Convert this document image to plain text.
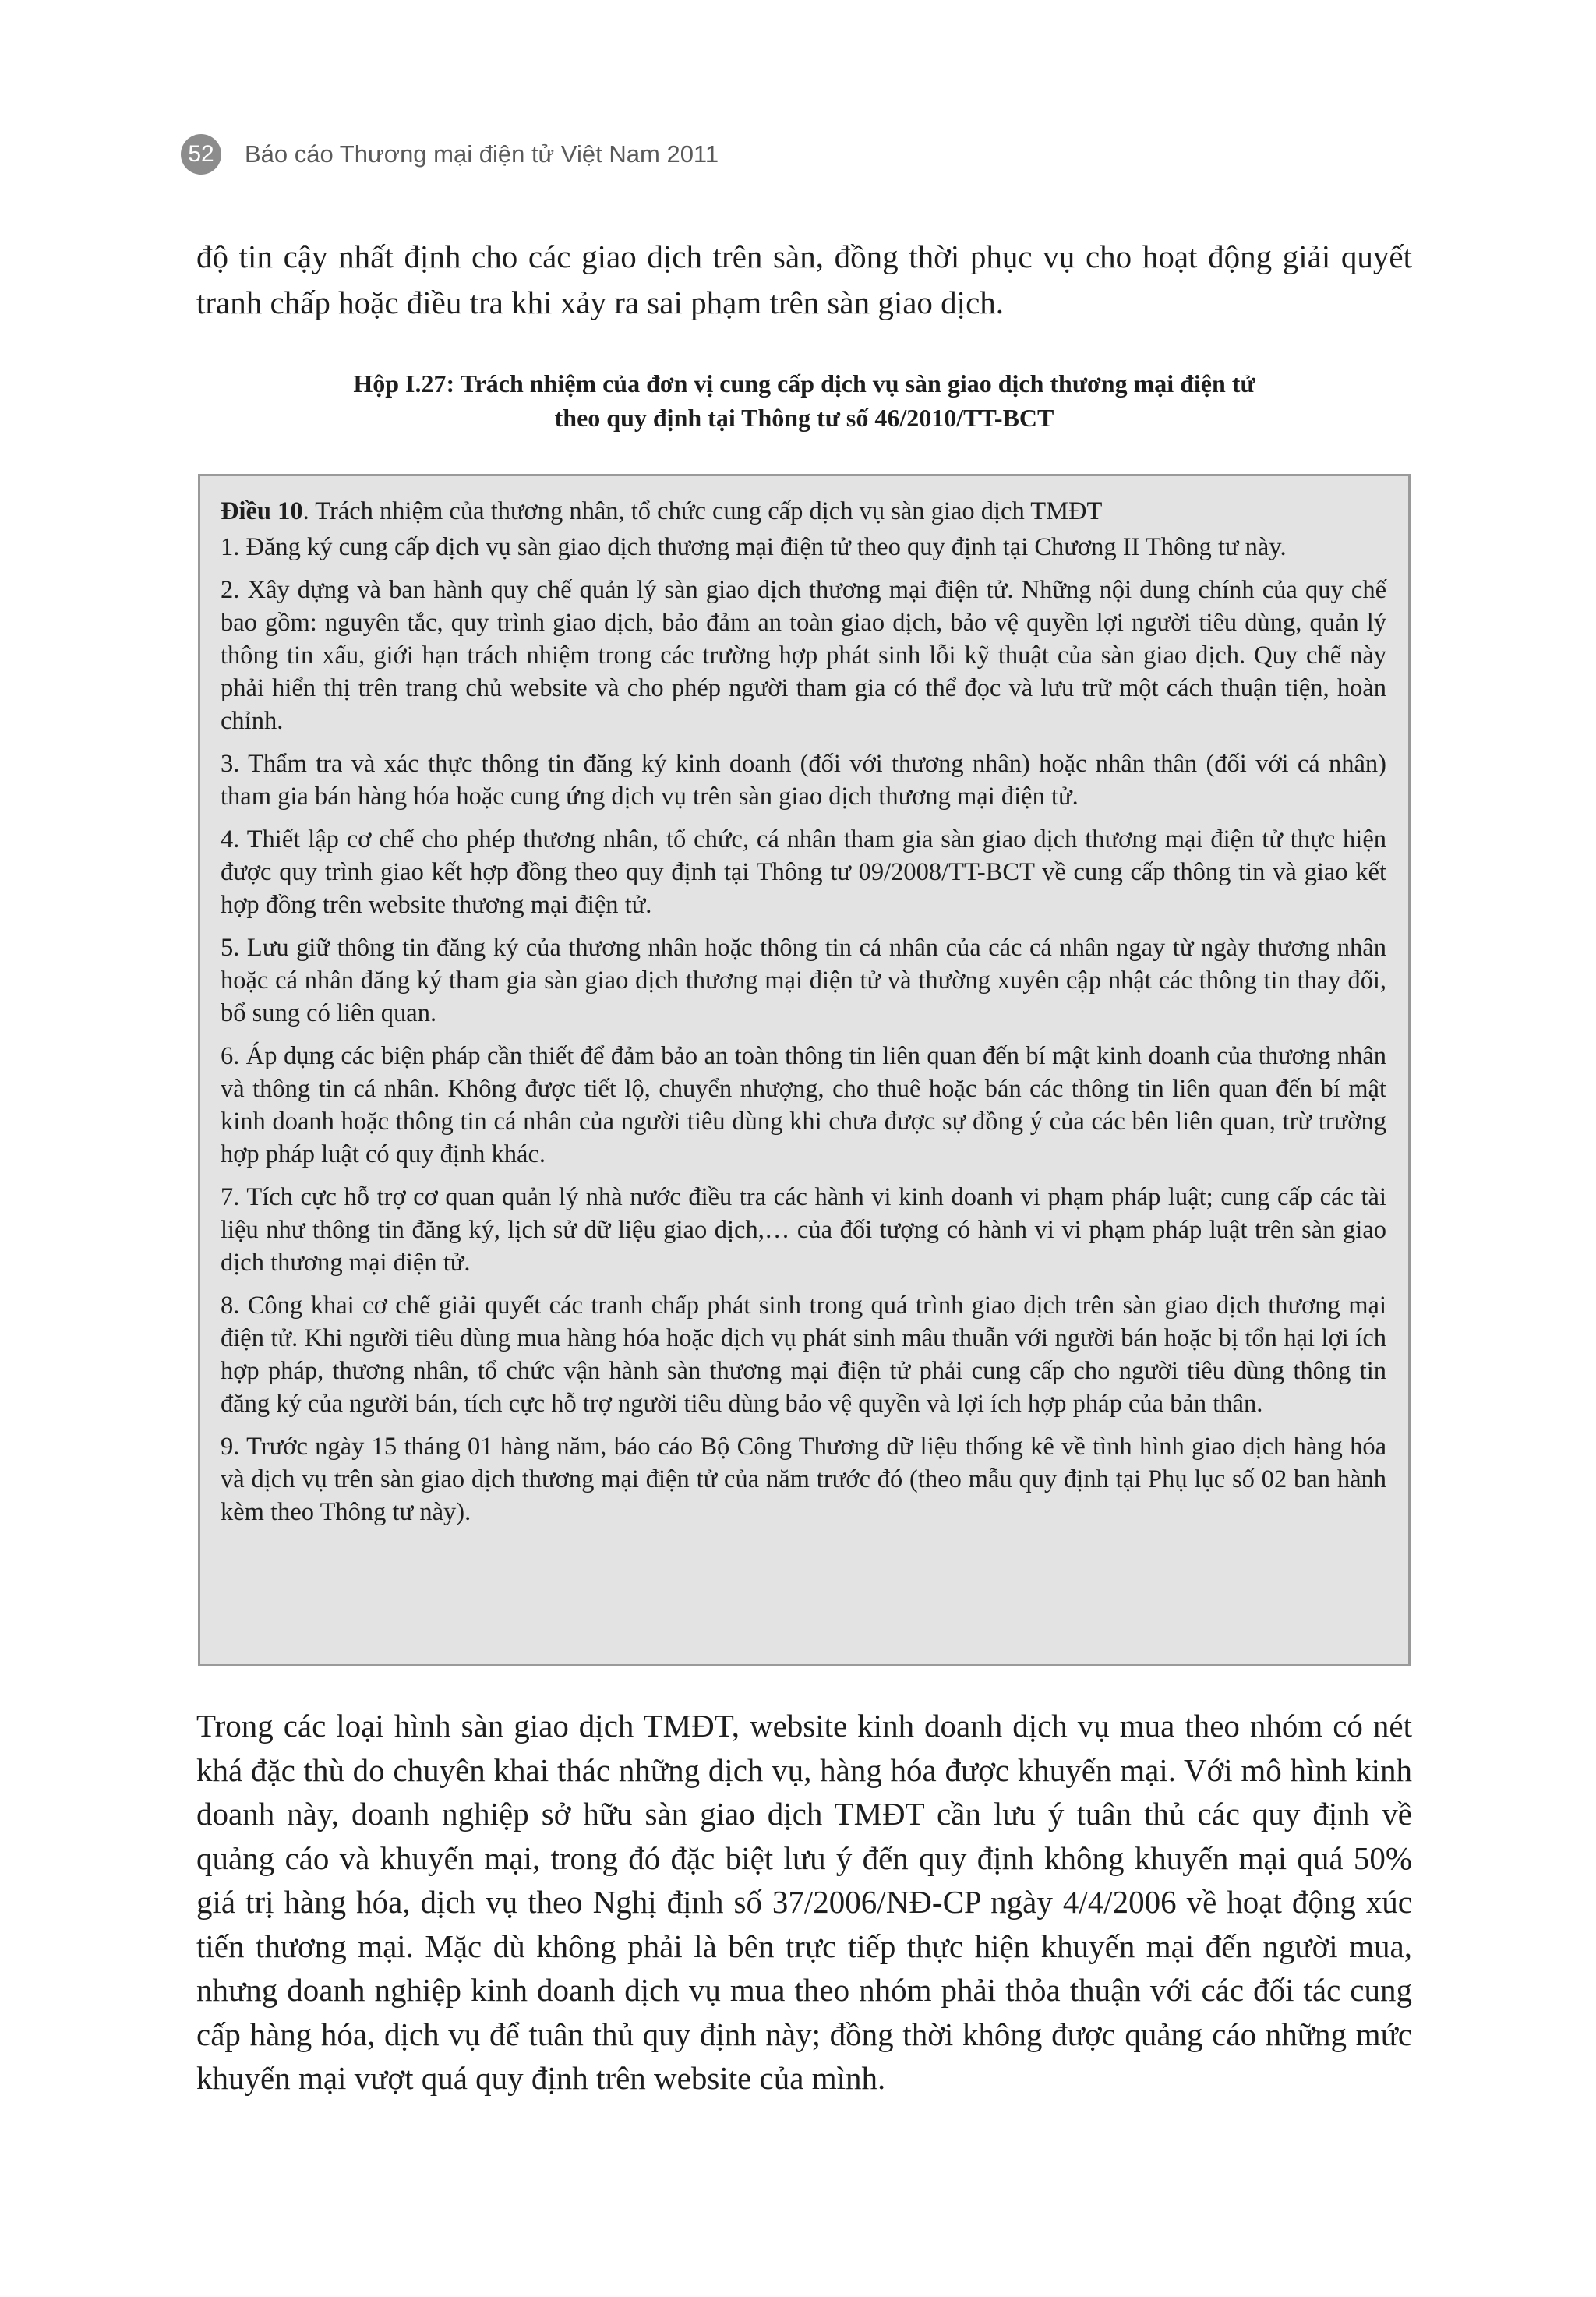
52	Báo cáo Thương mại điện tử Việt Nam 2011

độ tin cậy nhất định cho các giao dịch trên sàn, đồng thời phục vụ cho hoạt động giải quyết tranh chấp hoặc điều tra khi xảy ra sai phạm trên sàn giao dịch.

Hộp I.27: Trách nhiệm của đơn vị cung cấp dịch vụ sàn giao dịch thương mại điện tử
theo quy định tại Thông tư số 46/2010/TT-BCT

Điều 10. Trách nhiệm của thương nhân, tổ chức cung cấp dịch vụ sàn giao dịch TMĐT

1. Đăng ký cung cấp dịch vụ sàn giao dịch thương mại điện tử theo quy định tại Chương II Thông tư này.

2. Xây dựng và ban hành quy chế quản lý sàn giao dịch thương mại điện tử. Những nội dung chính của quy chế bao gồm: nguyên tắc, quy trình giao dịch, bảo đảm an toàn giao dịch, bảo vệ quyền lợi người tiêu dùng, quản lý thông tin xấu, giới hạn trách nhiệm trong các trường hợp phát sinh lỗi kỹ thuật của sàn giao dịch. Quy chế này phải hiển thị trên trang chủ website và cho phép người tham gia có thể đọc và lưu trữ một cách thuận tiện, hoàn chỉnh.

3. Thẩm tra và xác thực thông tin đăng ký kinh doanh (đối với thương nhân) hoặc nhân thân (đối với cá nhân) tham gia bán hàng hóa hoặc cung ứng dịch vụ trên sàn giao dịch thương mại điện tử.

4. Thiết lập cơ chế cho phép thương nhân, tổ chức, cá nhân tham gia sàn giao dịch thương mại điện tử thực hiện được quy trình giao kết hợp đồng theo quy định tại Thông tư 09/2008/TT-BCT về cung cấp thông tin và giao kết hợp đồng trên website thương mại điện tử.

5. Lưu giữ thông tin đăng ký của thương nhân hoặc thông tin cá nhân của các cá nhân ngay từ ngày thương nhân hoặc cá nhân đăng ký tham gia sàn giao dịch thương mại điện tử và thường xuyên cập nhật các thông tin thay đổi, bổ sung có liên quan.

6. Áp dụng các biện pháp cần thiết để đảm bảo an toàn thông tin liên quan đến bí mật kinh doanh của thương nhân và thông tin cá nhân. Không được tiết lộ, chuyển nhượng, cho thuê hoặc bán các thông tin liên quan đến bí mật kinh doanh hoặc thông tin cá nhân của người tiêu dùng khi chưa được sự đồng ý của các bên liên quan, trừ trường hợp pháp luật có quy định khác.

7. Tích cực hỗ trợ cơ quan quản lý nhà nước điều tra các hành vi kinh doanh vi phạm pháp luật; cung cấp các tài liệu như thông tin đăng ký, lịch sử dữ liệu giao dịch,… của đối tượng có hành vi vi phạm pháp luật trên sàn giao dịch thương mại điện tử.

8. Công khai cơ chế giải quyết các tranh chấp phát sinh trong quá trình giao dịch trên sàn giao dịch thương mại điện tử. Khi người tiêu dùng mua hàng hóa hoặc dịch vụ phát sinh mâu thuẫn với người bán hoặc bị tổn hại lợi ích hợp pháp, thương nhân, tổ chức vận hành sàn thương mại điện tử phải cung cấp cho người tiêu dùng thông tin đăng ký của người bán, tích cực hỗ trợ người tiêu dùng bảo vệ quyền và lợi ích hợp pháp của bản thân.

9. Trước ngày 15 tháng 01 hàng năm, báo cáo Bộ Công Thương dữ liệu thống kê về tình hình giao dịch hàng hóa và dịch vụ trên sàn giao dịch thương mại điện tử của năm trước đó (theo mẫu quy định tại Phụ lục số 02 ban hành kèm theo Thông tư này).

Trong các loại hình sàn giao dịch TMĐT, website kinh doanh dịch vụ mua theo nhóm có nét khá đặc thù do chuyên khai thác những dịch vụ, hàng hóa được khuyến mại. Với mô hình kinh doanh này, doanh nghiệp sở hữu sàn giao dịch TMĐT cần lưu ý tuân thủ các quy định về quảng cáo và khuyến mại, trong đó đặc biệt lưu ý đến quy định không khuyến mại quá 50% giá trị hàng hóa, dịch vụ theo Nghị định số 37/2006/NĐ-CP ngày 4/4/2006 về hoạt động xúc tiến thương mại. Mặc dù không phải là bên trực tiếp thực hiện khuyến mại đến người mua, nhưng doanh nghiệp kinh doanh dịch vụ mua theo nhóm phải thỏa thuận với các đối tác cung cấp hàng hóa, dịch vụ để tuân thủ quy định này; đồng thời không được quảng cáo những mức khuyến mại vượt quá quy định trên website của mình.
